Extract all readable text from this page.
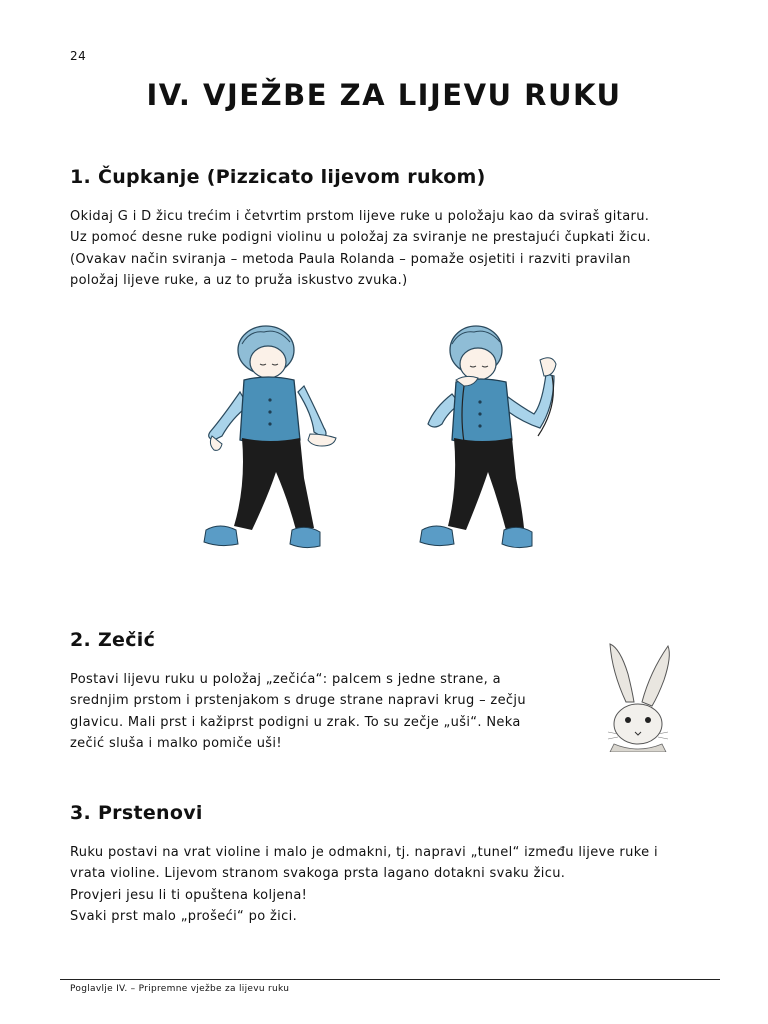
24
IV. VJEŽBE ZA LIJEVU RUKU
1. Čupkanje (Pizzicato lijevom rukom)
Okidaj G i D žicu trećim i četvrtim prstom lijeve ruke u položaju kao da sviraš gitaru.
Uz pomoć desne ruke podigni violinu u položaj za sviranje ne prestajući čupkati žicu.
(Ovakav način sviranja – metoda Paula Rolanda – pomaže osjetiti i razviti pravilan
položaj lijeve ruke, a uz to pruža iskustvo zvuka.)
2. Zečić
Postavi lijevu ruku u položaj „zečića“: palcem s jedne strane, a
srednjim prstom i prstenjakom s druge strane napravi krug – zečju
glavicu. Mali prst i kažiprst podigni u zrak. To su zečje „uši“. Neka
zečić sluša i malko pomiče uši!
3. Prstenovi
Ruku postavi na vrat violine i malo je odmakni, tj. napravi „tunel“ između lijeve ruke i
vrata violine. Lijevom stranom svakoga prsta lagano dotakni svaku žicu.
Provjeri jesu li ti opuštena koljena!
Svaki prst malo „prošeći“ po žici.
Poglavlje IV. – Pripremne vježbe za lijevu ruku
